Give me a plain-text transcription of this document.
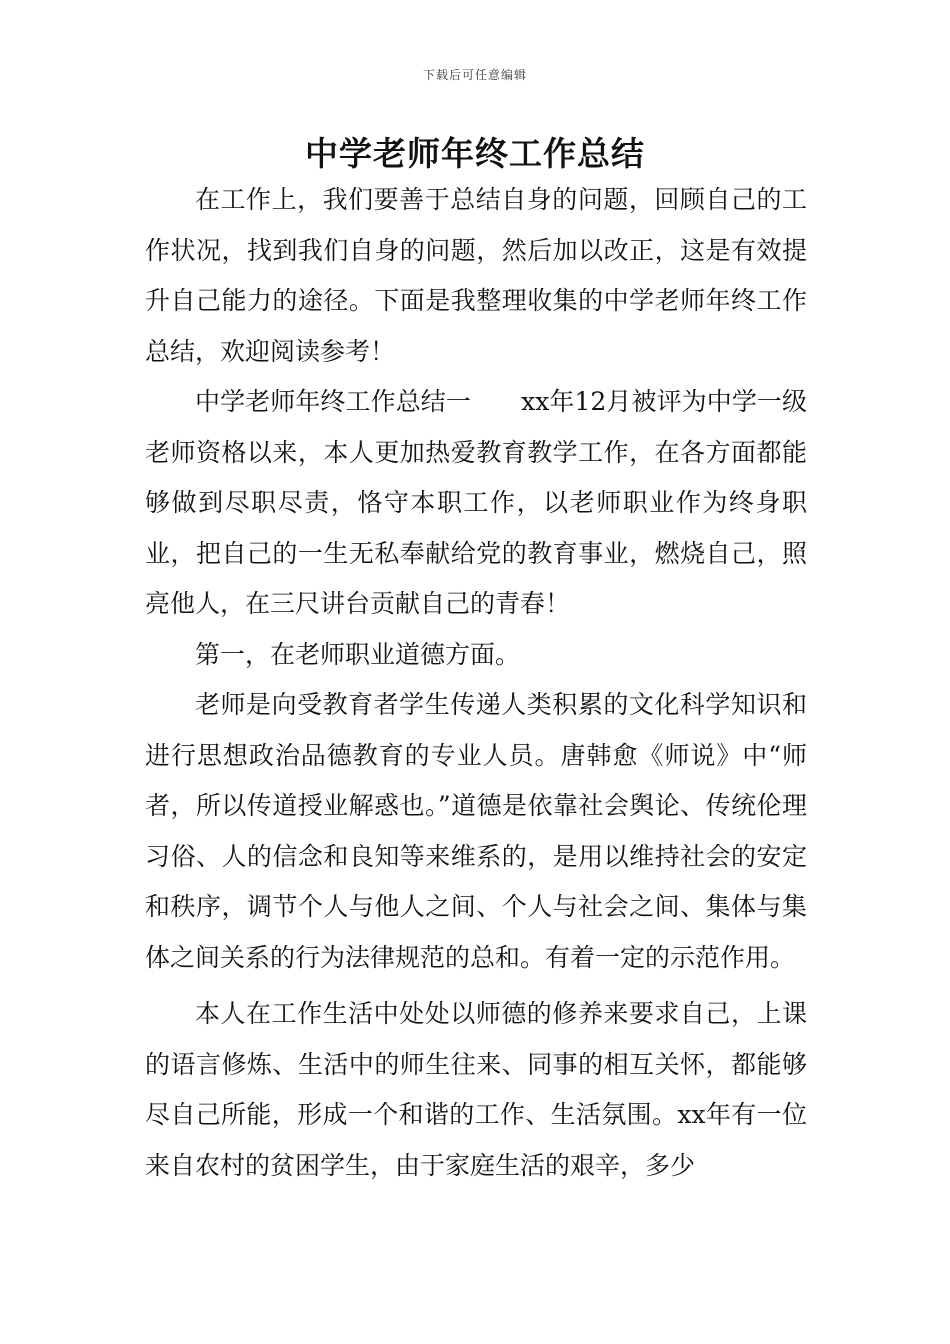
下载后可任意编辑
中学老师年终工作总结

在工作上，我们要善于总结自身的问题，回顾自己的工作状况，找到我们自身的问题，然后加以改正，这是有效提升自己能力的途径。下面是我整理收集的中学老师年终工作总结，欢迎阅读参考！

中学老师年终工作总结一　　xx年12月被评为中学一级老师资格以来，本人更加热爱教育教学工作，在各方面都能够做到尽职尽责，恪守本职工作，以老师职业作为终身职业，把自己的一生无私奉献给党的教育事业，燃烧自己，照亮他人，在三尺讲台贡献自己的青春！

第一，在老师职业道德方面。

老师是向受教育者学生传递人类积累的文化科学知识和进行思想政治品德教育的专业人员。唐韩愈《师说》中“师者，所以传道授业解惑也。”道德是依靠社会舆论、传统伦理习俗、人的信念和良知等来维系的，是用以维持社会的安定和秩序，调节个人与他人之间、个人与社会之间、集体与集体之间关系的行为法律规范的总和。有着一定的示范作用。

本人在工作生活中处处以师德的修养来要求自己，上课的语言修炼、生活中的师生往来、同事的相互关怀，都能够尽自己所能，形成一个和谐的工作、生活氛围。xx年有一位来自农村的贫困学生，由于家庭生活的艰辛，多少
